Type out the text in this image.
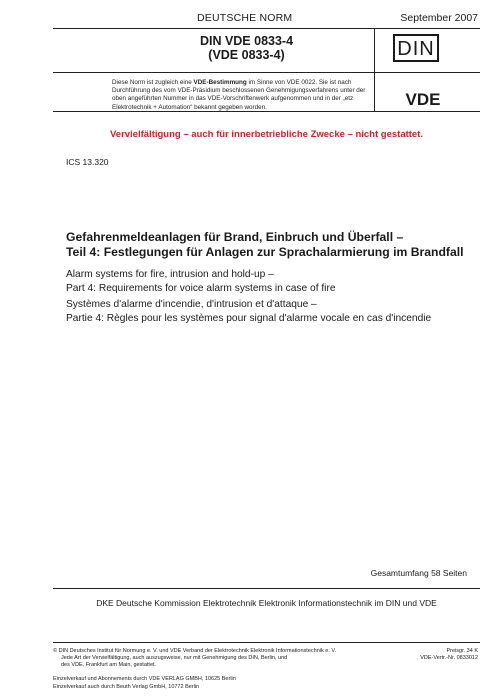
DEUTSCHE NORM	September 2007
DIN VDE 0833-4
(VDE 0833-4)	DIN
Diese Norm ist zugleich eine VDE-Bestimmung im Sinne von VDE 0022. Sie ist nach Durchführung des vom VDE-Präsidium beschlossenen Genehmigungsverfahrens unter der oben angeführten Nummer in das VDE-Vorschriftenwerk aufgenommen und in der „etz Elektrotechnik + Automation“ bekannt gegeben worden.	VDE
Vervielfältigung – auch für innerbetriebliche Zwecke – nicht gestattet.
ICS 13.320
Gefahrenmeldeanlagen für Brand, Einbruch und Überfall –
Teil 4: Festlegungen für Anlagen zur Sprachalarmierung im Brandfall
Alarm systems for fire, intrusion and hold-up –
Part 4: Requirements for voice alarm systems in case of fire
Systèmes d'alarme d'incendie, d'intrusion et d'attaque –
Partie 4: Règles pour les systèmes pour signal d'alarme vocale en cas d'incendie
Gesamtumfang 58 Seiten
DKE Deutsche Kommission Elektrotechnik Elektronik Informationstechnik im DIN und VDE
© DIN Deutsches Institut für Normung e. V. und VDE Verband der Elektrotechnik Elektronik Informationstechnik e. V.
Jede Art der Vervielfältigung, auch auszugsweise, nur mit Genehmigung des DIN, Berlin, und
des VDE, Frankfurt am Main, gestattet.
Preisgr. 34 K
VDE-Vertr.-Nr. 0833012
Einzelverkauf und Abonnements durch VDE VERLAG GMBH, 10625 Berlin
Einzelverkauf auch durch Beuth Verlag GmbH, 10772 Berlin
